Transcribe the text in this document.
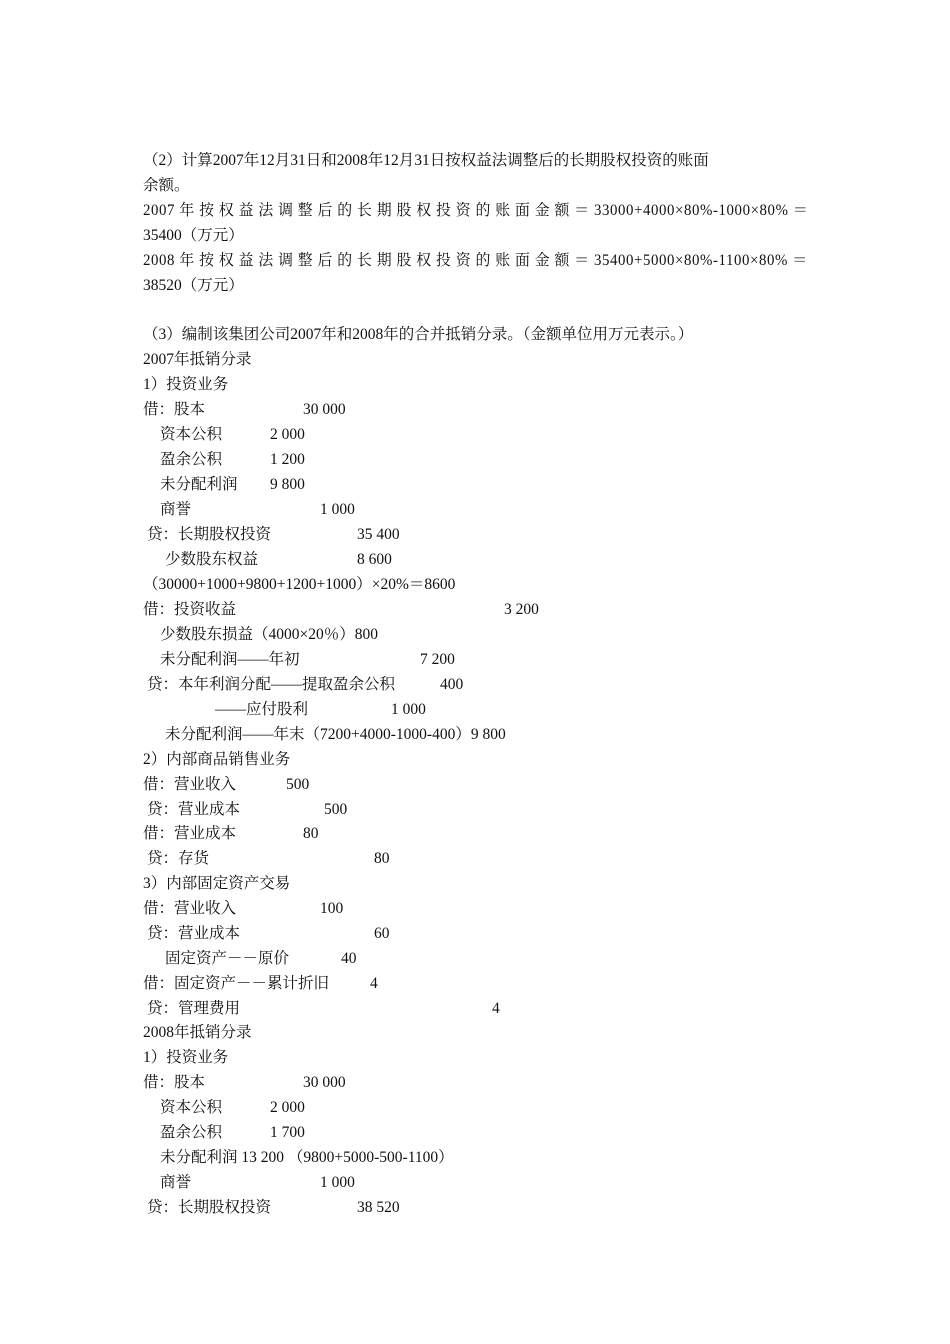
（2）计算2007年12月31日和2008年12月31日按权益法调整后的长期股权投资的账面
余额。
2007 年 按 权 益 法 调 整 后 的 长 期 股 权 投 资 的 账 面 金 额 ＝ 33000+4000×80%-1000×80% ＝
35400（万元）
2008 年 按 权 益 法 调 整 后 的 长 期 股 权 投 资 的 账 面 金 额 ＝ 35400+5000×80%-1100×80% ＝
38520（万元）
（3）编制该集团公司2007年和2008年的合并抵销分录。（金额单位用万元表示。）
2007年抵销分录
1）投资业务
借：股本	30 000
资本公积	2 000
盈余公积	1 200
未分配利润 9 800
商誉	1 000
贷：长期股权投资	35 400
少数股东权益	8 600
（30000+1000+9800+1200+1000）×20%＝8600
借：投资收益	3 200
少数股东损益（4000×20％）800
未分配利润——年初	7 200
贷：本年利润分配——提取盈余公积	400
——应付股利	1 000
未分配利润——年末（7200+4000-1000-400）9 800
2）内部商品销售业务
借：营业收入	500
贷：营业成本	500
借：营业成本	80
贷：存货	80
3）内部固定资产交易
借：营业收入	100
贷：营业成本	60
固定资产－－原价	40
借：固定资产－－累计折旧	4
贷：管理费用	4
2008年抵销分录
1）投资业务
借：股本	30 000
资本公积	2 000
盈余公积	1 700
未分配利润 13 200 （9800+5000-500-1100）
商誉	1 000
贷：长期股权投资	38 520
